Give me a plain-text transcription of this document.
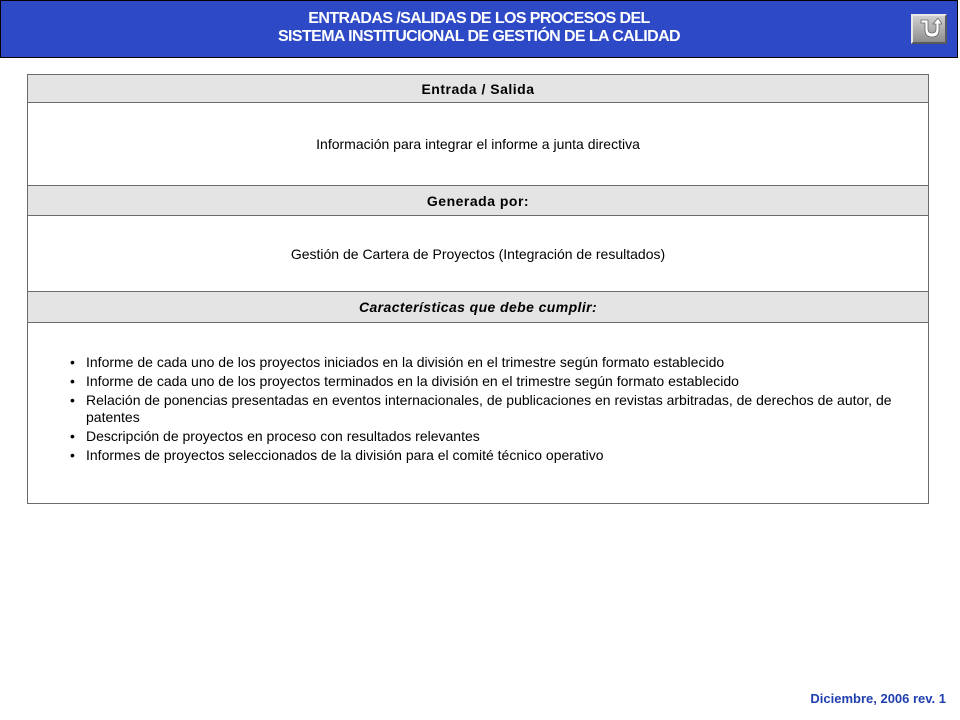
ENTRADAS /SALIDAS DE LOS PROCESOS DEL
SISTEMA INSTITUCIONAL DE GESTIÓN DE LA CALIDAD
Entrada / Salida
Información para integrar el informe a junta directiva
Generada por:
Gestión de Cartera de Proyectos (Integración de resultados)
Características que debe cumplir:
• Informe de cada uno de los proyectos iniciados en la división en el trimestre según formato establecido
• Informe de cada uno de los proyectos terminados en la división en el trimestre según formato establecido
• Relación de ponencias presentadas en eventos internacionales, de publicaciones en revistas arbitradas, de derechos de autor, de patentes
• Descripción de proyectos en proceso con resultados relevantes
• Informes de proyectos seleccionados de la división para el comité técnico operativo
Diciembre, 2006 rev. 1
